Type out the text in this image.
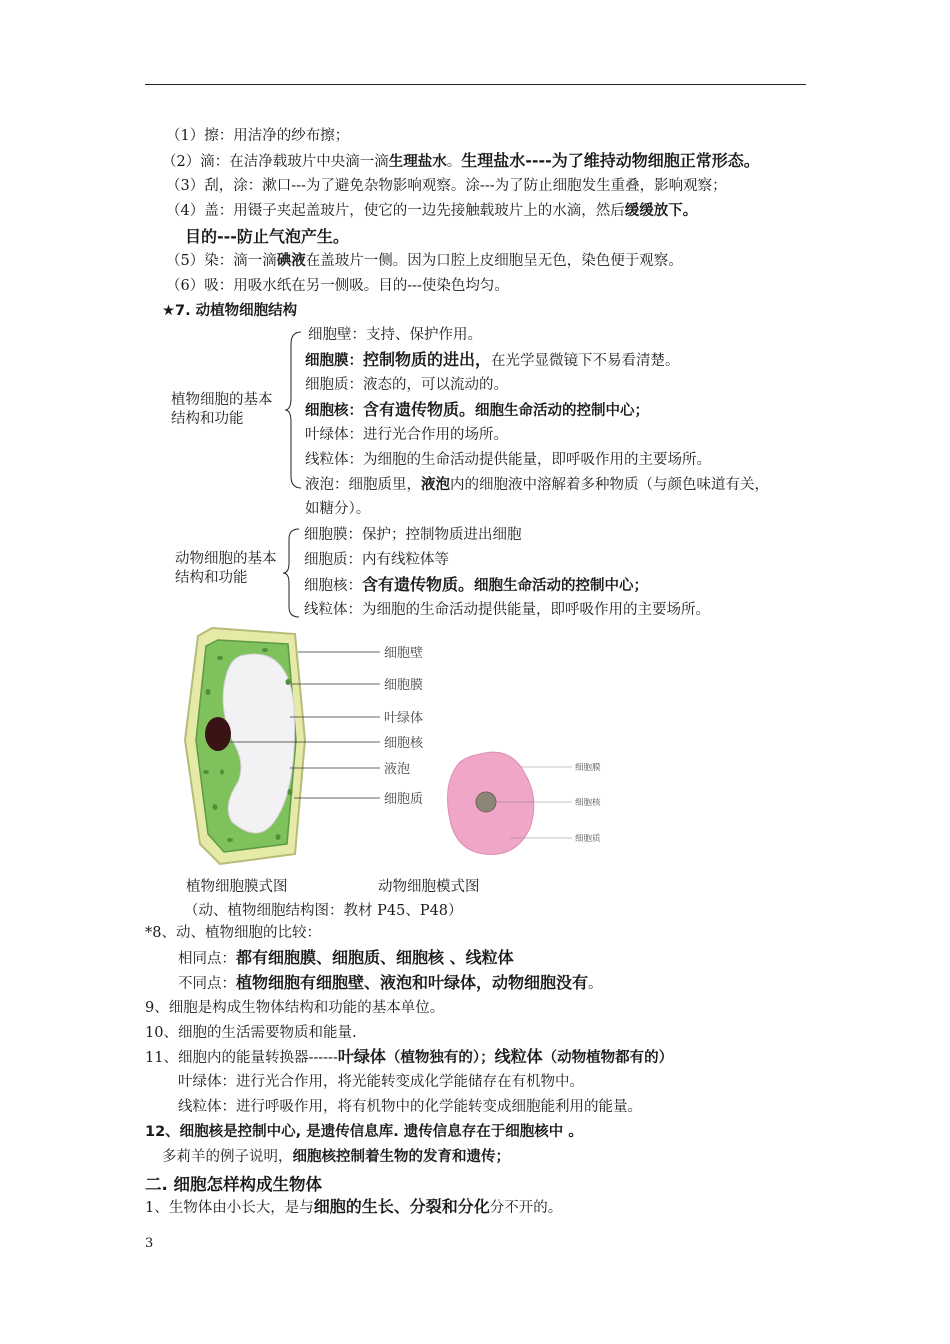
（1）擦：用洁净的纱布擦；
（2）滴：在洁净载玻片中央滴一滴生理盐水。生理盐水----为了维持动物细胞正常形态。
（3）刮，涂：漱口---为了避免杂物影响观察。涂---为了防止细胞发生重叠，影响观察；
（4）盖：用镊子夹起盖玻片，使它的一边先接触载玻片上的水滴，然后缓缓放下。
目的---防止气泡产生。
（5）染：滴一滴碘液在盖玻片一侧。因为口腔上皮细胞呈无色，染色便于观察。
（6）吸：用吸水纸在另一侧吸。目的---使染色均匀。
★7. 动植物细胞结构
植物细胞的基本结构和功能
细胞壁：支持、保护作用。
细胞膜：控制物质的进出，在光学显微镜下不易看清楚。
细胞质：液态的，可以流动的。
细胞核：含有遗传物质。细胞生命活动的控制中心；
叶绿体：进行光合作用的场所。
线粒体：为细胞的生命活动提供能量，即呼吸作用的主要场所。
液泡：细胞质里，液泡内的细胞液中溶解着多种物质（与颜色味道有关，
如糖分）。
动物细胞的基本结构和功能
细胞膜：保护；控制物质进出细胞
细胞质：内有线粒体等
细胞核：含有遗传物质。细胞生命活动的控制中心；
线粒体：为细胞的生命活动提供能量，即呼吸作用的主要场所。
细胞壁
细胞膜
叶绿体
细胞核
液泡
细胞质
细胞膜
细胞核
细胞质
植物细胞膜式图	动物细胞模式图
（动、植物细胞结构图：教材 P45、P48）
*8、动、植物细胞的比较：
相同点：都有细胞膜、细胞质、细胞核 、线粒体
不同点：植物细胞有细胞壁、液泡和叶绿体，动物细胞没有。
9、细胞是构成生物体结构和功能的基本单位。
10、细胞的生活需要物质和能量.
11、细胞内的能量转换器------叶绿体（植物独有的）；线粒体（动物植物都有的）
叶绿体：进行光合作用，将光能转变成化学能储存在有机物中。
线粒体：进行呼吸作用，将有机物中的化学能转变成细胞能利用的能量。
12、细胞核是控制中心, 是遗传信息库. 遗传信息存在于细胞核中 。
多莉羊的例子说明，细胞核控制着生物的发育和遗传；
二. 细胞怎样构成生物体
1、生物体由小长大，是与细胞的生长、分裂和分化分不开的。
3
